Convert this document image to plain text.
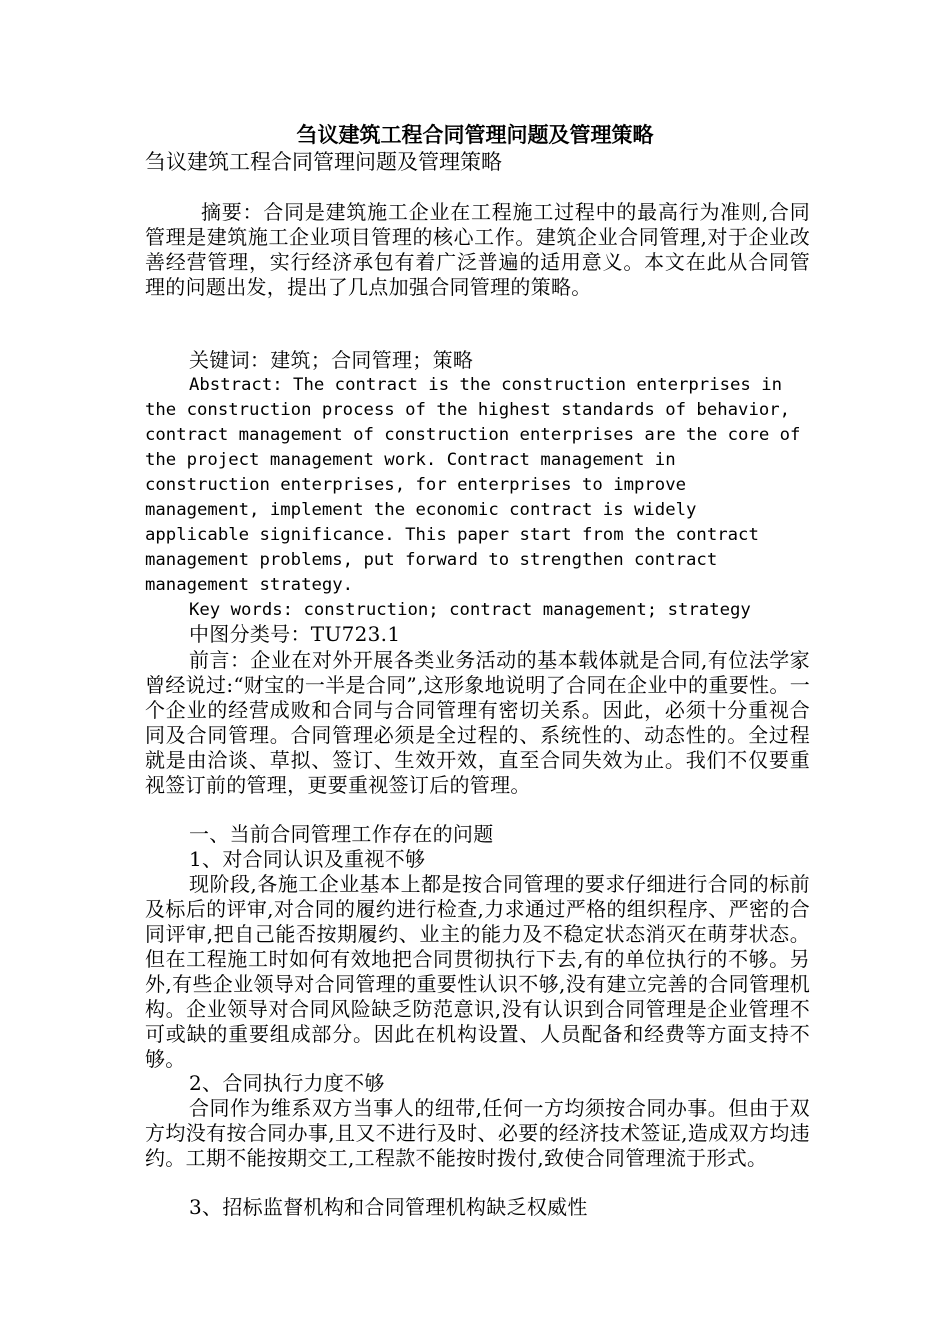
刍议建筑工程合同管理问题及管理策略
刍议建筑工程合同管理问题及管理策略
摘要：合同是建筑施工企业在工程施工过程中的最高行为准则,合同管理是建筑施工企业项目管理的核心工作。建筑企业合同管理,对于企业改善经营管理，实行经济承包有着广泛普遍的适用意义。本文在此从合同管理的问题出发，提出了几点加强合同管理的策略。
关键词：建筑；合同管理；策略
Abstract: The contract is the construction enterprises in the construction process of the highest standards of behavior, contract management of construction enterprises are the core of the project management work. Contract management in construction enterprises, for enterprises to improve management, implement the economic contract is widely applicable significance. This paper start from the contract management problems, put forward to strengthen contract management strategy.
Key words: construction; contract management; strategy
中图分类号：TU723.1
前言：企业在对外开展各类业务活动的基本载体就是合同,有位法学家曾经说过:“财宝的一半是合同”,这形象地说明了合同在企业中的重要性。一个企业的经营成败和合同与合同管理有密切关系。因此，必须十分重视合同及合同管理。合同管理必须是全过程的、系统性的、动态性的。全过程就是由洽谈、草拟、签订、生效开效，直至合同失效为止。我们不仅要重视签订前的管理，更要重视签订后的管理。
一、当前合同管理工作存在的问题
1、对合同认识及重视不够
现阶段,各施工企业基本上都是按合同管理的要求仔细进行合同的标前及标后的评审,对合同的履约进行检查,力求通过严格的组织程序、严密的合同评审,把自己能否按期履约、业主的能力及不稳定状态消灭在萌芽状态。但在工程施工时如何有效地把合同贯彻执行下去,有的单位执行的不够。另外,有些企业领导对合同管理的重要性认识不够,没有建立完善的合同管理机构。企业领导对合同风险缺乏防范意识,没有认识到合同管理是企业管理不可或缺的重要组成部分。因此在机构设置、人员配备和经费等方面支持不够。
2、合同执行力度不够
合同作为维系双方当事人的纽带,任何一方均须按合同办事。但由于双方均没有按合同办事,且又不进行及时、必要的经济技术签证,造成双方均违约。工期不能按期交工,工程款不能按时拨付,致使合同管理流于形式。
3、招标监督机构和合同管理机构缺乏权威性
